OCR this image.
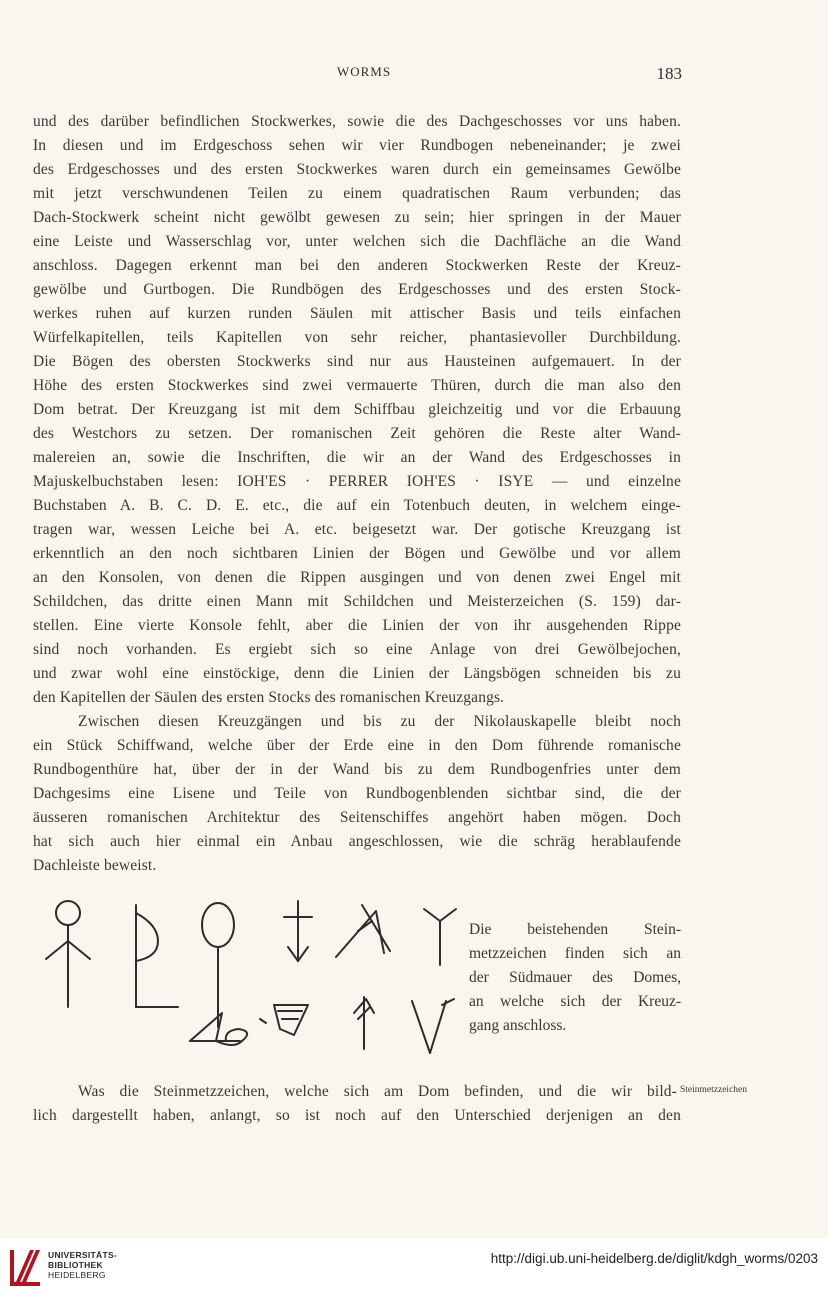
WORMS	183
und des darüber befindlichen Stockwerkes, sowie die des Dachgeschosses vor uns haben.
In diesen und im Erdgeschoss sehen wir vier Rundbogen nebeneinander; je zwei
des Erdgeschosses und des ersten Stockwerkes waren durch ein gemeinsames Gewölbe
mit jetzt verschwundenen Teilen zu einem quadratischen Raum verbunden; das
Dach-Stockwerk scheint nicht gewölbt gewesen zu sein; hier springen in der Mauer
eine Leiste und Wasserschlag vor, unter welchen sich die Dachfläche an die Wand
anschloss. Dagegen erkennt man bei den anderen Stockwerken Reste der Kreuz-
gewölbe und Gurtbogen. Die Rundbögen des Erdgeschosses und des ersten Stock-
werkes ruhen auf kurzen runden Säulen mit attischer Basis und teils einfachen
Würfelkapitellen, teils Kapitellen von sehr reicher, phantasievoller Durchbildung.
Die Bögen des obersten Stockwerks sind nur aus Hausteinen aufgemauert. In der
Höhe des ersten Stockwerkes sind zwei vermauerte Thüren, durch die man also den
Dom betrat. Der Kreuzgang ist mit dem Schiffbau gleichzeitig und vor die Erbauung
des Westchors zu setzen. Der romanischen Zeit gehören die Reste alter Wand-
malereien an, sowie die Inschriften, die wir an der Wand des Erdgeschosses in
Majuskelbuchstaben lesen: IOH'ES · PERRER IOH'ES · ISYE — und einzelne
Buchstaben A. B. C. D. E. etc., die auf ein Totenbuch deuten, in welchem einge-
tragen war, wessen Leiche bei A. etc. beigesetzt war. Der gotische Kreuzgang ist
erkenntlich an den noch sichtbaren Linien der Bögen und Gewölbe und vor allem
an den Konsolen, von denen die Rippen ausgingen und von denen zwei Engel mit
Schildchen, das dritte einen Mann mit Schildchen und Meisterzeichen (S. 159) dar-
stellen. Eine vierte Konsole fehlt, aber die Linien der von ihr ausgehenden Rippe
sind noch vorhanden. Es ergiebt sich so eine Anlage von drei Gewölbejochen,
und zwar wohl eine einstöckige, denn die Linien der Längsbögen schneiden bis zu
den Kapitellen der Säulen des ersten Stocks des romanischen Kreuzgangs.
Zwischen diesen Kreuzgängen und bis zu der Nikolauskapelle bleibt noch
ein Stück Schiffwand, welche über der Erde eine in den Dom führende romanische
Rundbogenthüre hat, über der in der Wand bis zu dem Rundbogenfries unter dem
Dachgesims eine Lisene und Teile von Rundbogenblenden sichtbar sind, die der
äusseren romanischen Architektur des Seitenschiffes angehört haben mögen. Doch
hat sich auch hier einmal ein Anbau angeschlossen, wie die schräg herablaufende
Dachleiste beweist.
Die beistehenden Stein-
metzzeichen finden sich an
der Südmauer des Domes,
an welche sich der Kreuz-
gang anschloss.
Was die Steinmetzzeichen, welche sich am Dom befinden, und die wir bild-
lich dargestellt haben, anlangt, so ist noch auf den Unterschied derjenigen an den
Steinmetzzeichen
UNIVERSITÄTS-
BIBLIOTHEK
HEIDELBERG
http://digi.ub.uni-heidelberg.de/diglit/kdgh_worms/0203
